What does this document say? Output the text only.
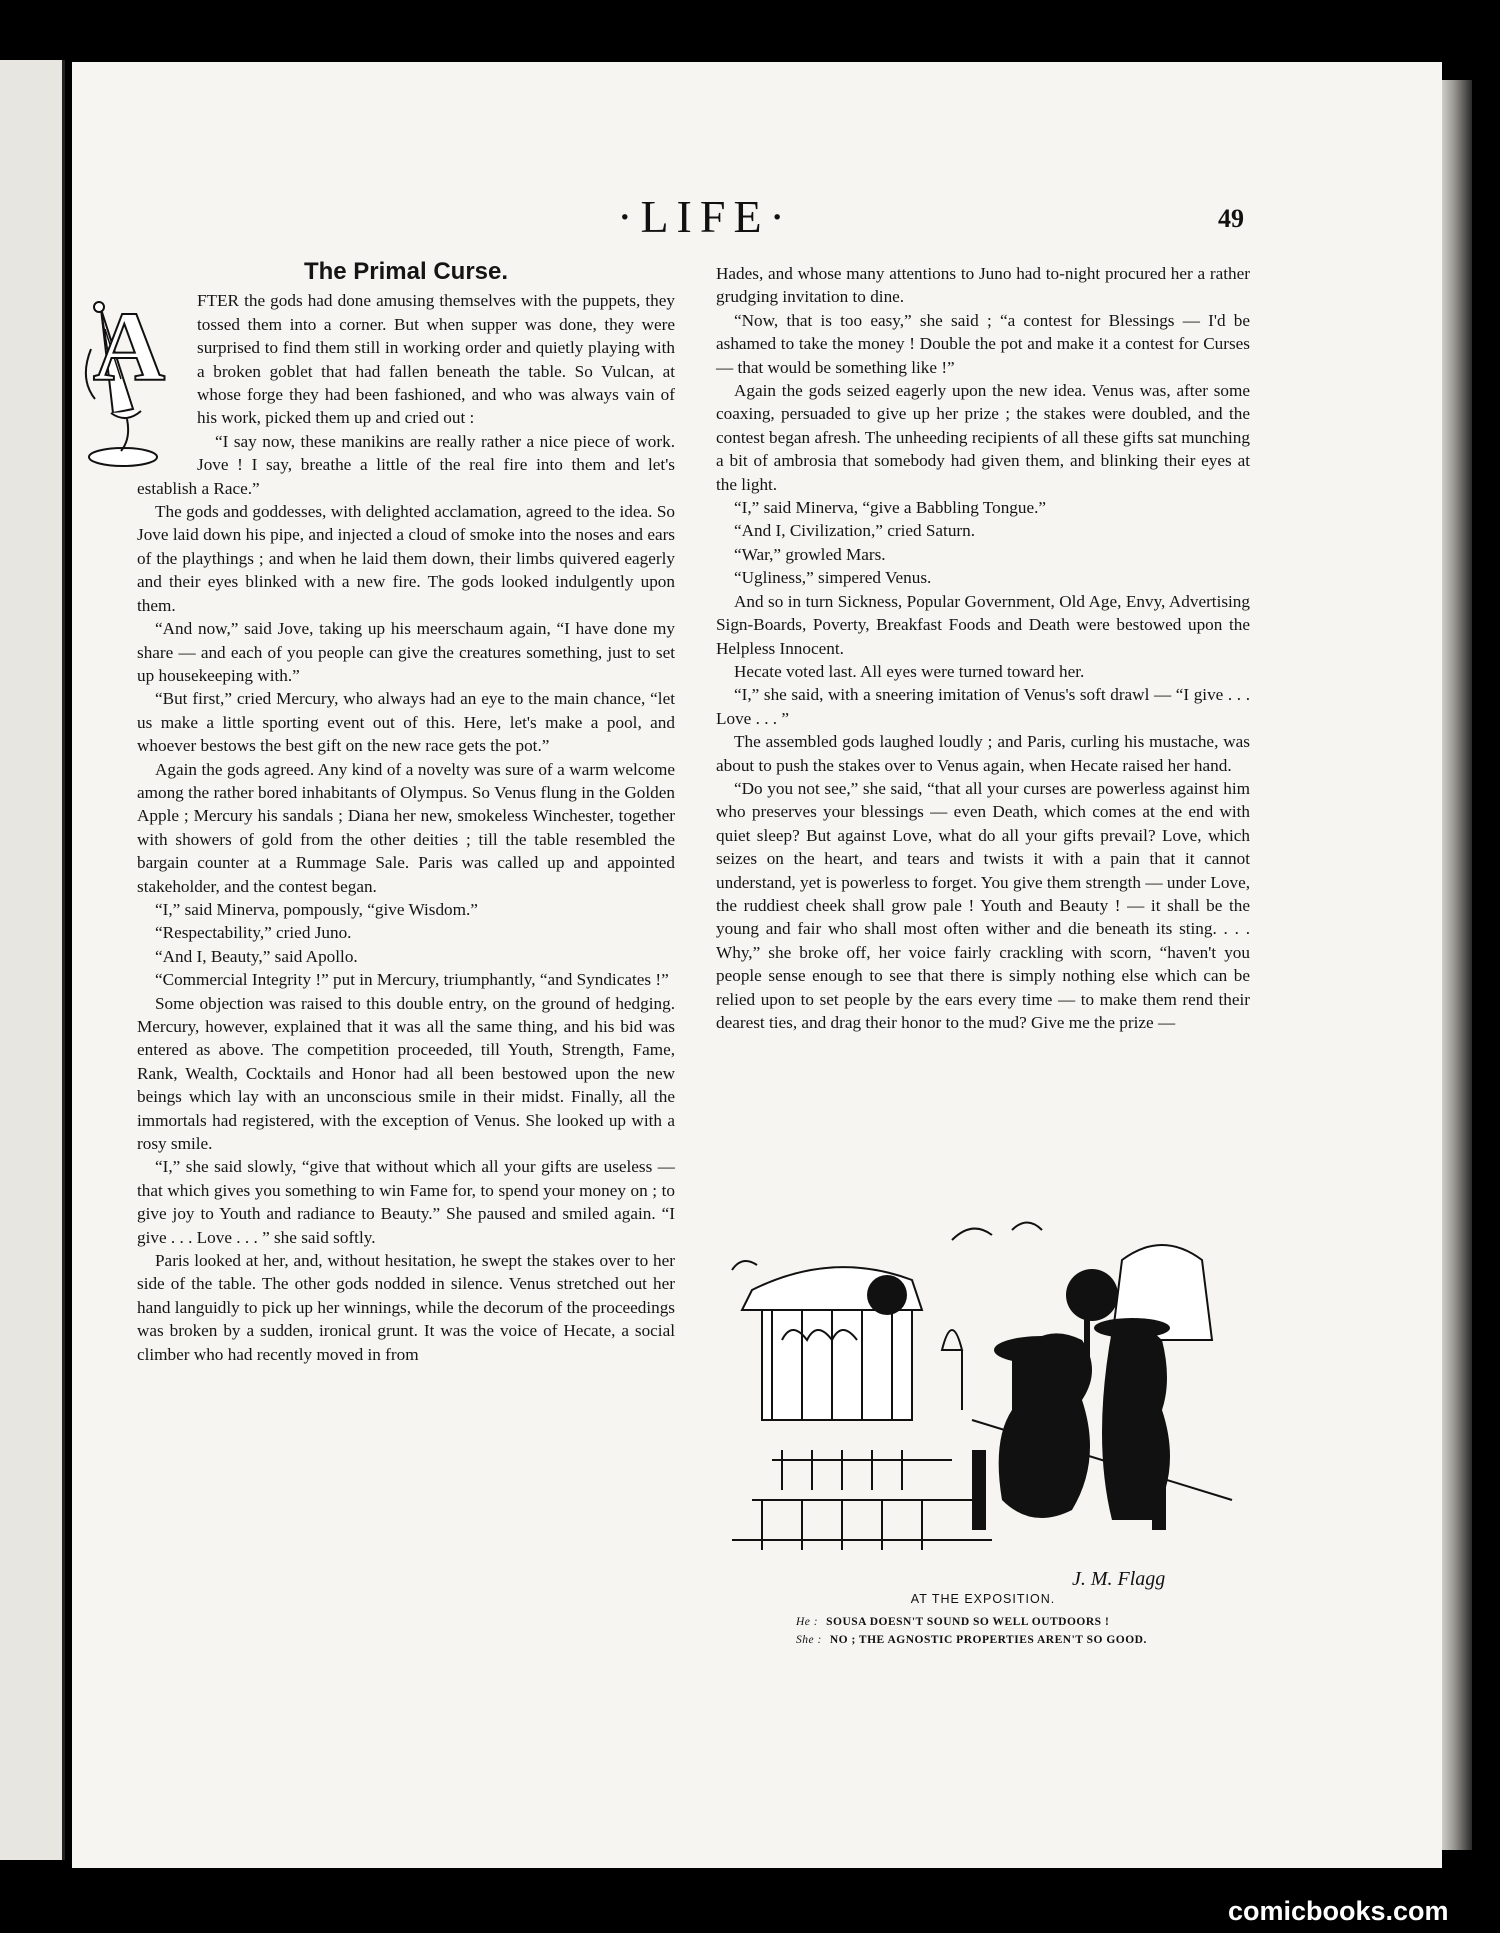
·LIFE·	49
The Primal Curse.
A	FTER the gods had done amusing themselves with the puppets, they tossed them into a corner. But when supper was done, they were surprised to find them still in working order and quietly playing with a broken goblet that had fallen beneath the table. So Vulcan, at whose forge they had been fashioned, and who was always vain of his work, picked them up and cried out :

“I say now, these manikins are really rather a nice piece of work. Jove ! I say, breathe a little of the real fire into them and let's establish a Race.”

The gods and goddesses, with delighted acclamation, agreed to the idea. So Jove laid down his pipe, and injected a cloud of smoke into the noses and ears of the playthings ; and when he laid them down, their limbs quivered eagerly and their eyes blinked with a new fire. The gods looked indulgently upon them.

“And now,” said Jove, taking up his meerschaum again, “I have done my share — and each of you people can give the creatures something, just to set up housekeeping with.”

“But first,” cried Mercury, who always had an eye to the main chance, “let us make a little sporting event out of this. Here, let's make a pool, and whoever bestows the best gift on the new race gets the pot.”

Again the gods agreed. Any kind of a novelty was sure of a warm welcome among the rather bored inhabitants of Olympus. So Venus flung in the Golden Apple ; Mercury his sandals ; Diana her new, smokeless Winchester, together with showers of gold from the other deities ; till the table resembled the bargain counter at a Rummage Sale. Paris was called up and appointed stakeholder, and the contest began.

“I,” said Minerva, pompously, “give Wisdom.”

“Respectability,” cried Juno.

“And I, Beauty,” said Apollo.

“Commercial Integrity !” put in Mercury, triumphantly, “and Syndicates !”

Some objection was raised to this double entry, on the ground of hedging. Mercury, however, explained that it was all the same thing, and his bid was entered as above. The competition proceeded, till Youth, Strength, Fame, Rank, Wealth, Cocktails and Honor had all been bestowed upon the new beings which lay with an unconscious smile in their midst. Finally, all the immortals had registered, with the exception of Venus. She looked up with a rosy smile.

“I,” she said slowly, “give that without which all your gifts are useless — that which gives you something to win Fame for, to spend your money on ; to give joy to Youth and radiance to Beauty.” She paused and smiled again. “I give . . . Love . . . ” she said softly.

Paris looked at her, and, without hesitation, he swept the stakes over to her side of the table. The other gods nodded in silence. Venus stretched out her hand languidly to pick up her winnings, while the decorum of the proceedings was broken by a sudden, ironical grunt. It was the voice of Hecate, a social climber who had recently moved in from

Hades, and whose many attentions to Juno had to-night procured her a rather grudging invitation to dine.

“Now, that is too easy,” she said ; “a contest for Blessings — I'd be ashamed to take the money ! Double the pot and make it a contest for Curses — that would be something like !”

Again the gods seized eagerly upon the new idea. Venus was, after some coaxing, persuaded to give up her prize ; the stakes were doubled, and the contest began afresh. The unheeding recipients of all these gifts sat munching a bit of ambrosia that somebody had given them, and blinking their eyes at the light.

“I,” said Minerva, “give a Babbling Tongue.”

“And I, Civilization,” cried Saturn.

“War,” growled Mars.

“Ugliness,” simpered Venus.

And so in turn Sickness, Popular Government, Old Age, Envy, Advertising Sign-Boards, Poverty, Breakfast Foods and Death were bestowed upon the Helpless Innocent.

Hecate voted last. All eyes were turned toward her.

“I,” she said, with a sneering imitation of Venus's soft drawl — “I give . . . Love . . . ”

The assembled gods laughed loudly ; and Paris, curling his mustache, was about to push the stakes over to Venus again, when Hecate raised her hand.

“Do you not see,” she said, “that all your curses are powerless against him who preserves your blessings — even Death, which comes at the end with quiet sleep? But against Love, what do all your gifts prevail? Love, which seizes on the heart, and tears and twists it with a pain that it cannot understand, yet is powerless to forget. You give them strength — under Love, the ruddiest cheek shall grow pale ! Youth and Beauty ! — it shall be the young and fair who shall most often wither and die beneath its sting. . . . Why,” she broke off, her voice fairly crackling with scorn, “haven't you people sense enough to see that there is simply nothing else which can be relied upon to set people by the ears every time — to make them rend their dearest ties, and drag their honor to the mud? Give me the prize —

J. M. Flagg
AT THE EXPOSITION.
He : SOUSA DOESN'T SOUND SO WELL OUTDOORS !
She : NO ; THE AGNOSTIC PROPERTIES AREN'T SO GOOD.
comicbooks.com
